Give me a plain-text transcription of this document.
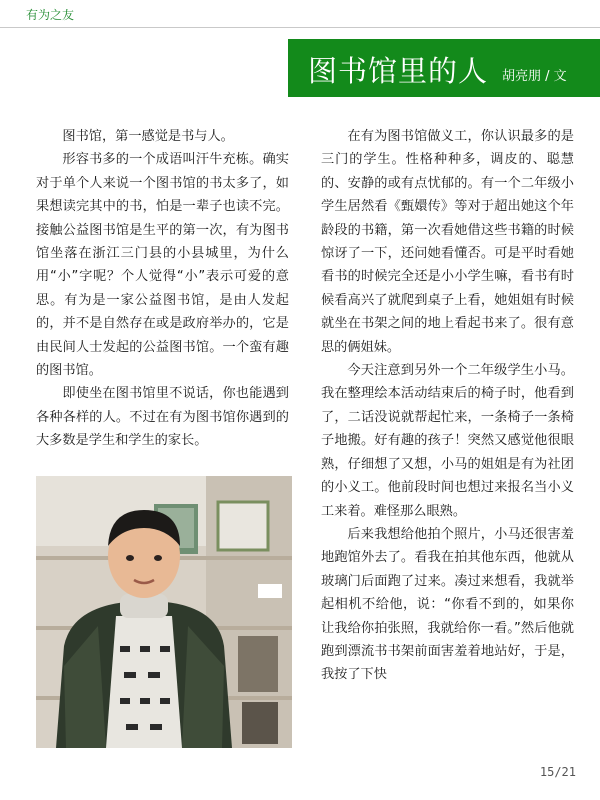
有为之友
图书馆里的人 胡亮朋 / 文

图书馆，第一感觉是书与人。

形容书多的一个成语叫汗牛充栋。确实对于单个人来说一个图书馆的书太多了，如果想读完其中的书，怕是一辈子也读不完。接触公益图书馆是生平的第一次，有为图书馆坐落在浙江三门县的小县城里，为什么用“小”字呢？个人觉得“小”表示可爱的意思。有为是一家公益图书馆，是由人发起的，并不是自然存在或是政府举办的，它是由民间人士发起的公益图书馆。一个蛮有趣的图书馆。

即使坐在图书馆里不说话，你也能遇到各种各样的人。不过在有为图书馆你遇到的大多数是学生和学生的家长。

在有为图书馆做义工，你认识最多的是三门的学生。性格种种多，调皮的、聪慧的、安静的或有点忧郁的。有一个二年级小学生居然看《甄嬛传》等对于超出她这个年龄段的书籍，第一次看她借这些书籍的时候惊讶了一下，还问她看懂否。可是平时看她看书的时候完全还是小小学生嘛，看书有时候看高兴了就爬到桌子上看，她姐姐有时候就坐在书架之间的地上看起书来了。很有意思的俩姐妹。

今天注意到另外一个二年级学生小马。我在整理绘本活动结束后的椅子时，他看到了，二话没说就帮起忙来，一条椅子一条椅子地搬。好有趣的孩子！突然又感觉他很眼熟，仔细想了又想，小马的姐姐是有为社团的小义工。他前段时间也想过来报名当小义工来着。难怪那么眼熟。

后来我想给他拍个照片，小马还很害羞地跑馆外去了。看我在拍其他东西，他就从玻璃门后面跑了过来。凑过来想看，我就举起相机不给他，说：“你看不到的，如果你让我给你拍张照，我就给你一看。”然后他就跑到漂流书书架前面害羞着地站好，于是，我按了下快

15/21
